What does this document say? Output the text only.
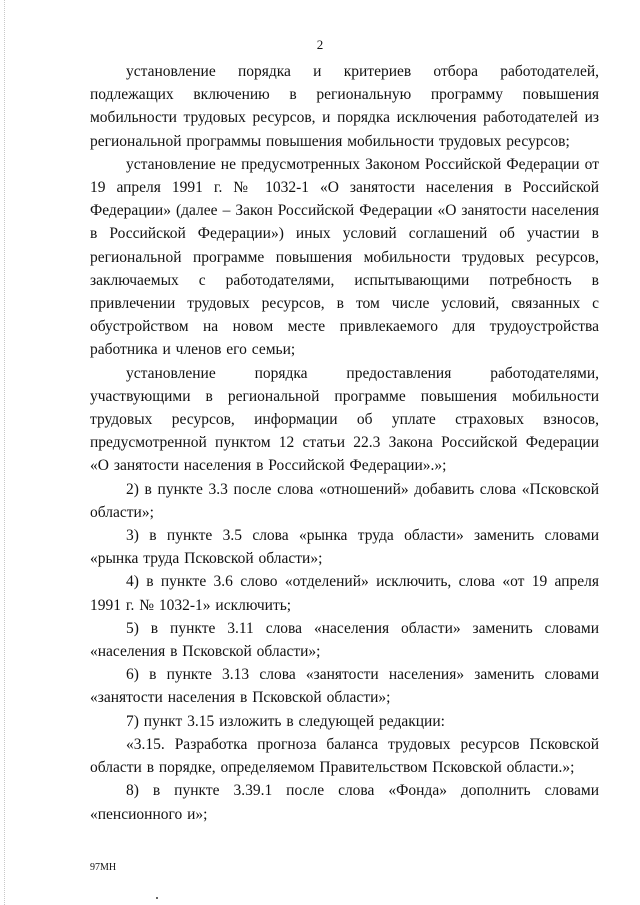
2

установление порядка и критериев отбора работодателей, подлежащих включению в региональную программу повышения мобильности трудовых ресурсов, и порядка исключения работодателей из региональной программы повышения мобильности трудовых ресурсов;

установление не предусмотренных Законом Российской Федерации от 19 апреля 1991 г. № 1032-1 «О занятости населения в Российской Федерации» (далее – Закон Российской Федерации «О занятости населения в Российской Федерации») иных условий соглашений об участии в региональной программе повышения мобильности трудовых ресурсов, заключаемых с работодателями, испытывающими потребность в привлечении трудовых ресурсов, в том числе условий, связанных с обустройством на новом месте привлекаемого для трудоустройства работника и членов его семьи;

установление порядка предоставления работодателями, участвующими в региональной программе повышения мобильности трудовых ресурсов, информации об уплате страховых взносов, предусмотренной пунктом 12 статьи 22.3 Закона Российской Федерации «О занятости населения в Российской Федерации».»;

2) в пункте 3.3 после слова «отношений» добавить слова «Псковской области»;

3) в пункте 3.5 слова «рынка труда области» заменить словами «рынка труда Псковской области»;

4) в пункте 3.6 слово «отделений» исключить, слова «от 19 апреля 1991 г. № 1032-1» исключить;

5) в пункте 3.11 слова «населения области» заменить словами «населения в Псковской области»;

6) в пункте 3.13 слова «занятости населения» заменить словами «занятости населения в Псковской области»;

7) пункт 3.15 изложить в следующей редакции:

«3.15. Разработка прогноза баланса трудовых ресурсов Псковской области в порядке, определяемом Правительством Псковской области.»;

8) в пункте 3.39.1 после слова «Фонда» дополнить словами «пенсионного и»;

97МН
